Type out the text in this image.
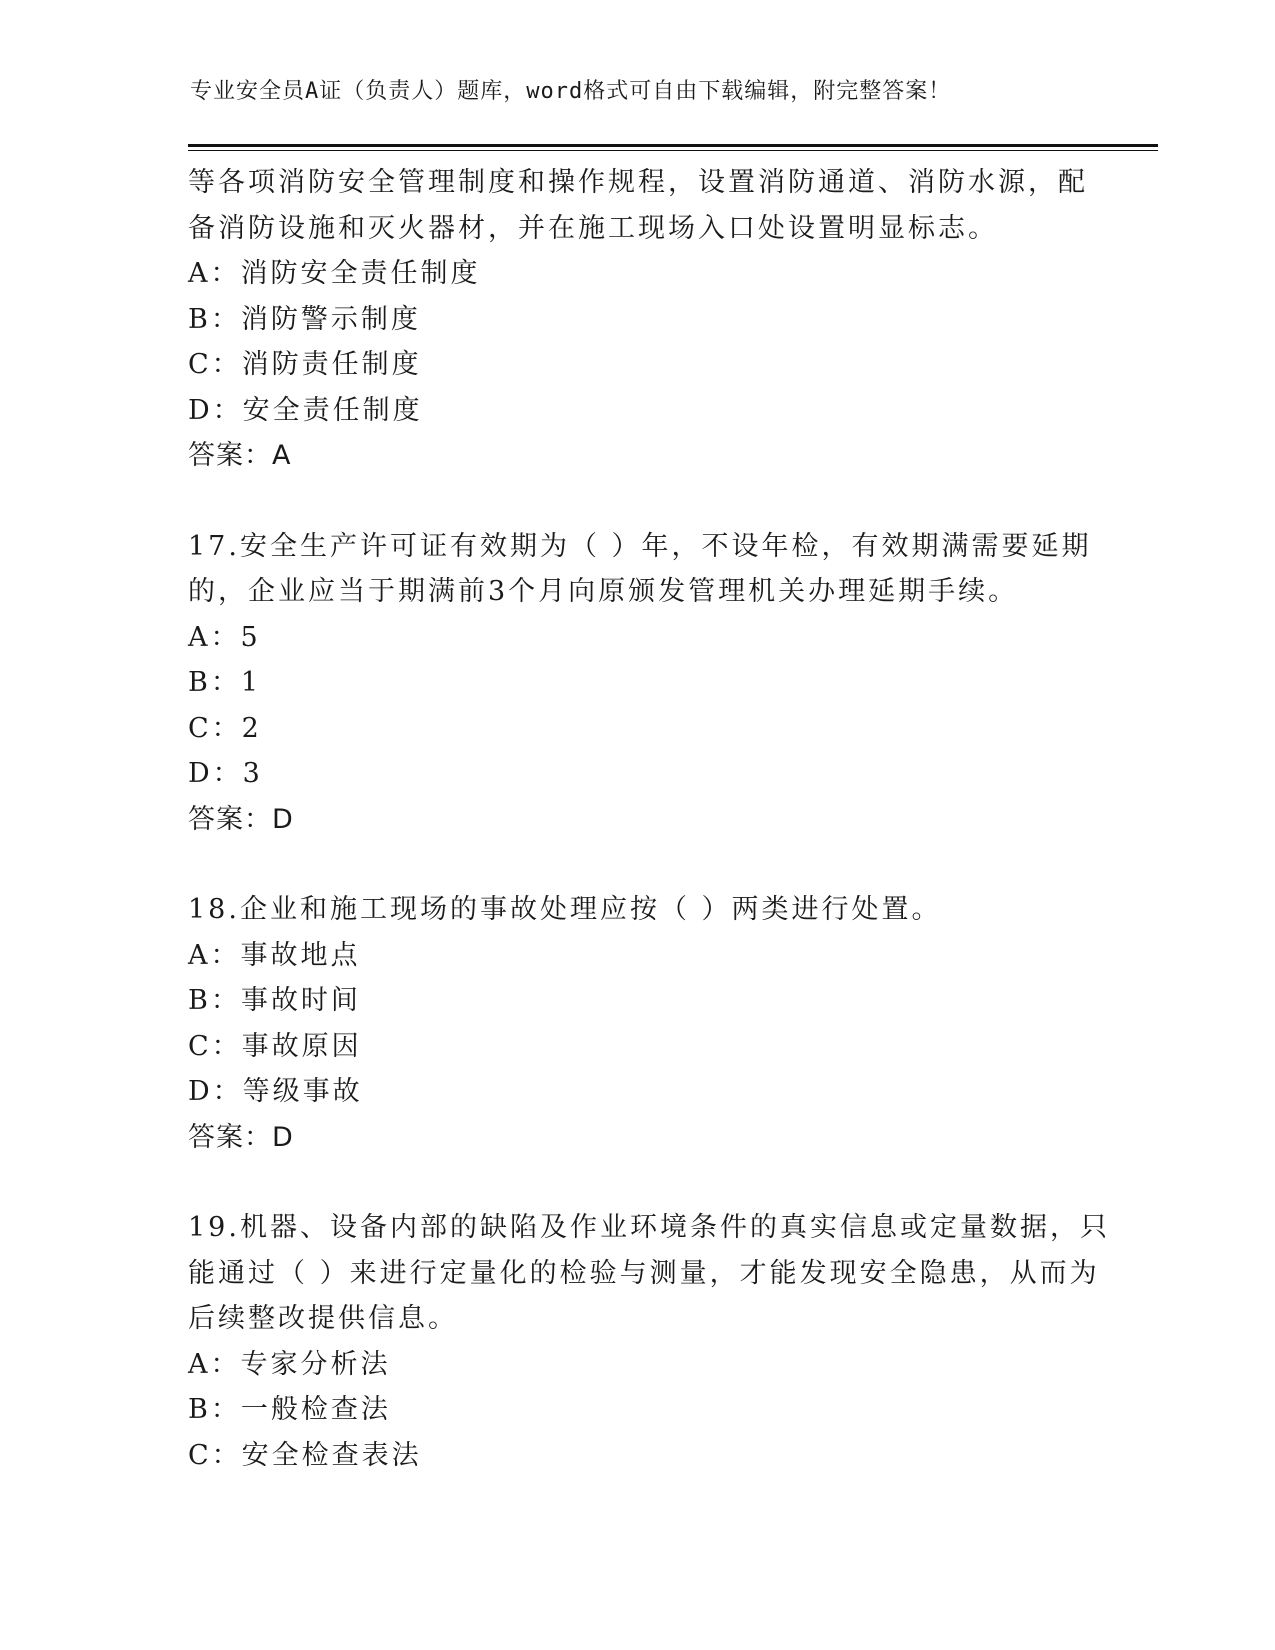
专业安全员A证（负责人）题库，word格式可自由下载编辑，附完整答案！
等各项消防安全管理制度和操作规程，设置消防通道、消防水源，配
备消防设施和灭火器材，并在施工现场入口处设置明显标志。
A：消防安全责任制度
B：消防警示制度
C：消防责任制度
D：安全责任制度
答案：A
17.安全生产许可证有效期为（ ）年，不设年检，有效期满需要延期
的，企业应当于期满前3个月向原颁发管理机关办理延期手续。
A：5
B：1
C：2
D：3
答案：D
18.企业和施工现场的事故处理应按（ ）两类进行处置。
A：事故地点
B：事故时间
C：事故原因
D：等级事故
答案：D
19.机器、设备内部的缺陷及作业环境条件的真实信息或定量数据，只
能通过（ ）来进行定量化的检验与测量，才能发现安全隐患，从而为
后续整改提供信息。
A：专家分析法
B：一般检查法
C：安全检查表法
